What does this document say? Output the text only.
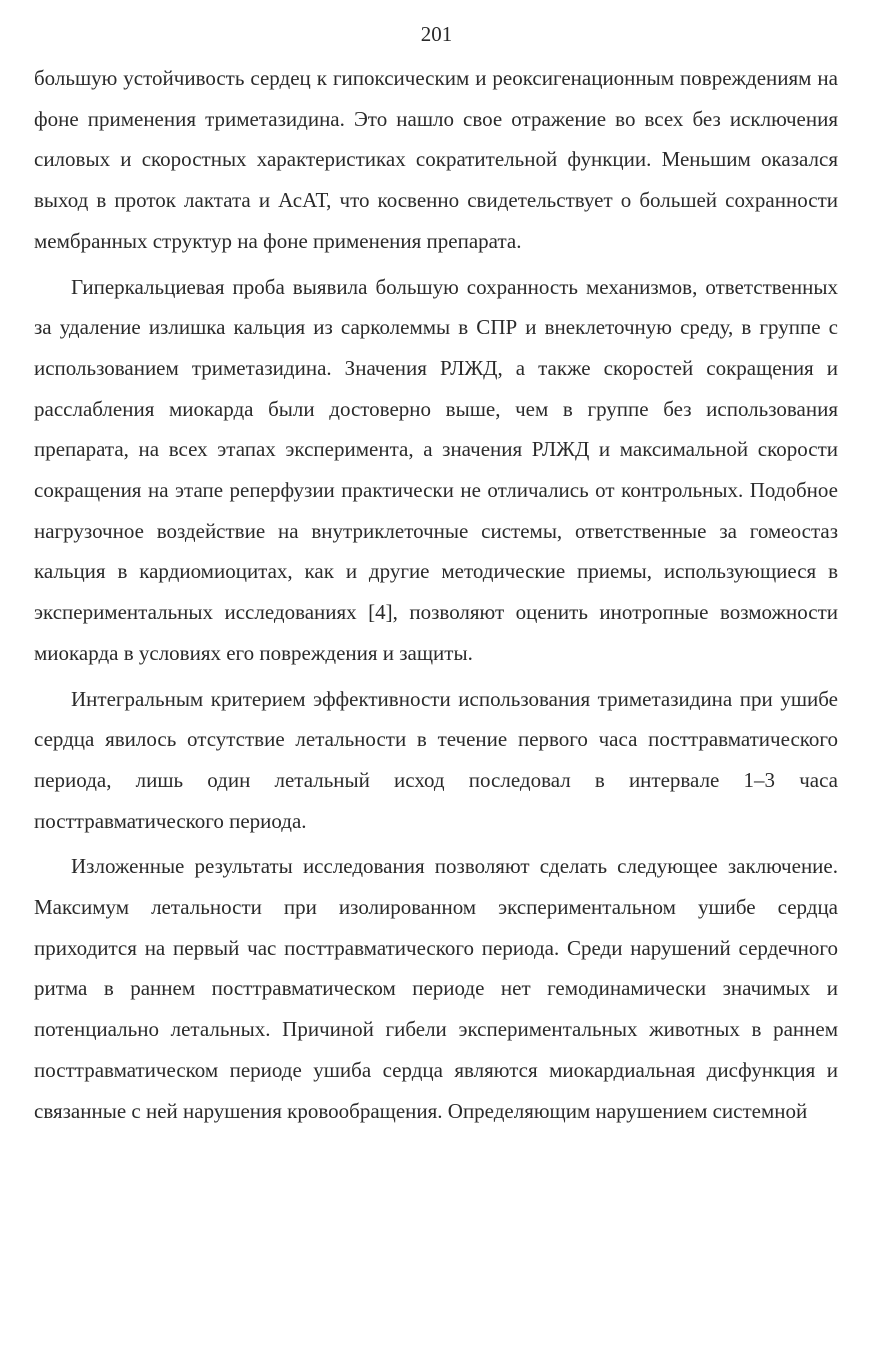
201

большую устойчивость сердец к гипоксическим и реоксигенационным повреждениям на фоне применения триметазидина. Это нашло свое отражение во всех без исключения силовых и скоростных характеристиках сократительной функции. Меньшим оказался выход в проток лактата и АсАТ, что косвенно свидетельствует о большей сохранности мембранных структур на фоне применения препарата.

Гиперкальциевая проба выявила большую сохранность механизмов, ответственных за удаление излишка кальция из сарколеммы в СПР и внеклеточную среду, в группе с использованием триметазидина. Значения РЛЖД, а также скоростей сокращения и расслабления миокарда были достоверно выше, чем в группе без использования препарата, на всех этапах эксперимента, а значения РЛЖД и максимальной скорости сокращения на этапе реперфузии практически не отличались от контрольных. Подобное нагрузочное воздействие на внутриклеточные системы, ответственные за гомеостаз кальция в кардиомиоцитах, как и другие методические приемы, использующиеся в экспериментальных исследованиях [4], позволяют оценить инотропные возможности миокарда в условиях его повреждения и защиты.

Интегральным критерием эффективности использования триметазидина при ушибе сердца явилось отсутствие летальности в течение первого часа посттравматического периода, лишь один летальный исход последовал в интервале 1–3 часа посттравматического периода.

Изложенные результаты исследования позволяют сделать следующее заключение. Максимум летальности при изолированном экспериментальном ушибе сердца приходится на первый час посттравматического периода. Среди нарушений сердечного ритма в раннем посттравматическом периоде нет гемодинамически значимых и потенциально летальных. Причиной гибели экспериментальных животных в раннем посттравматическом периоде ушиба сердца являются миокардиальная дисфункция и связанные с ней нарушения кровообращения. Определяющим нарушением системной
